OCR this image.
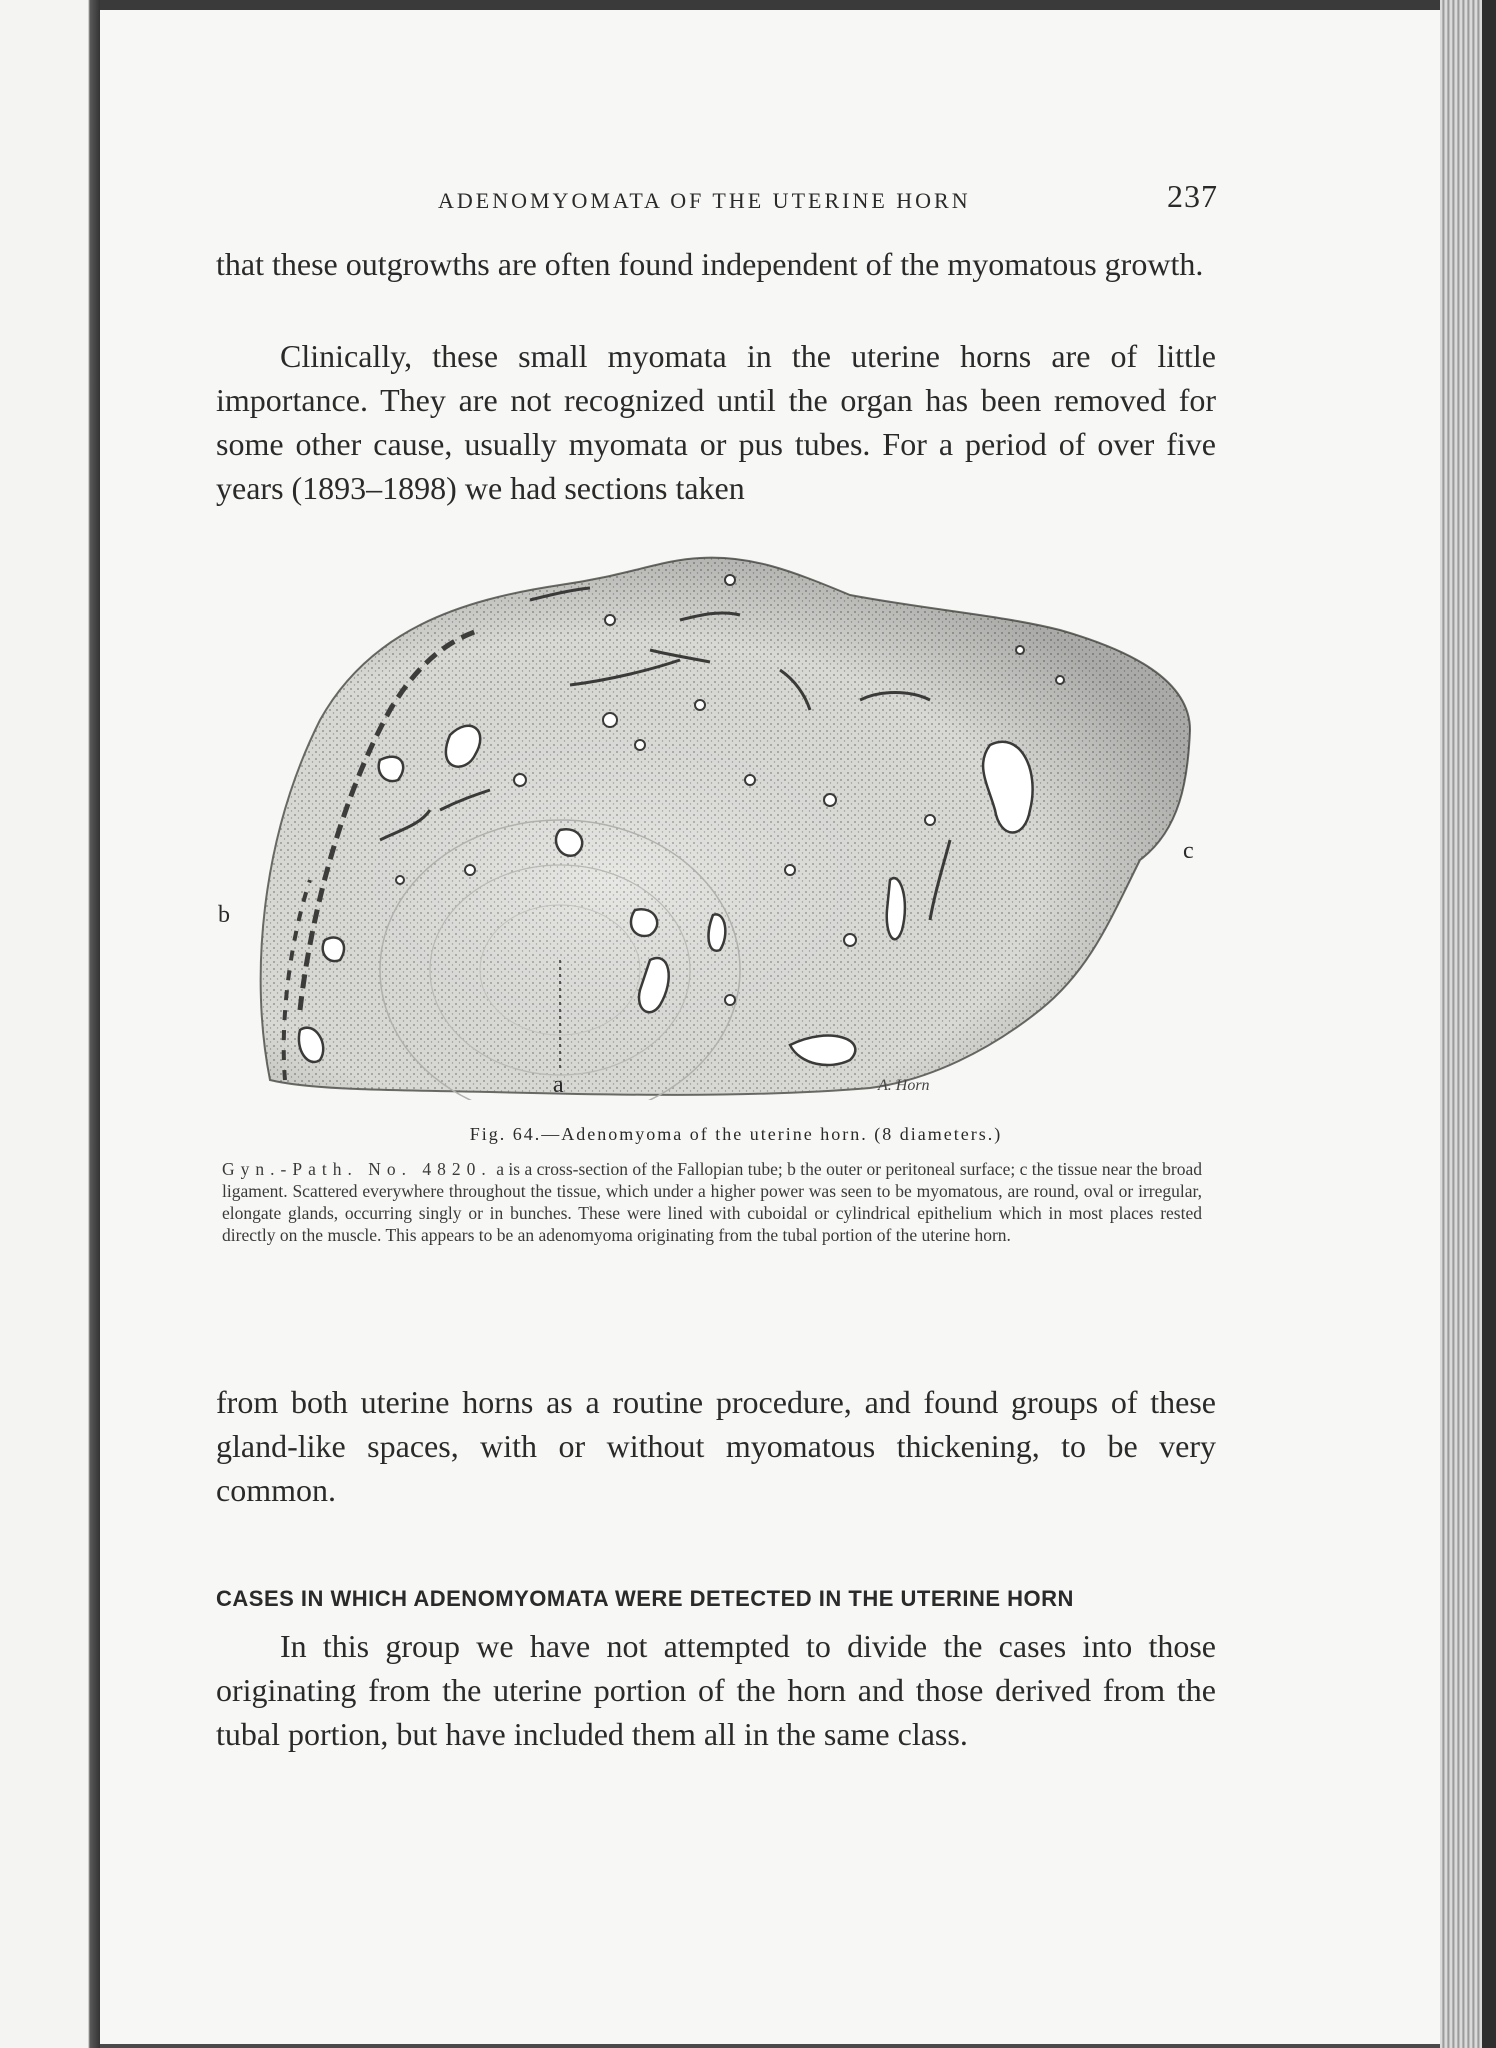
ADENOMYOMATA OF THE UTERINE HORN	237

that these outgrowths are often found independent of the myomatous growth.

Clinically, these small myomata in the uterine horns are of little importance. They are not recognized until the organ has been removed for some other cause, usually myomata or pus tubes. For a period of over five years (1893–1898) we had sections taken

A. Horn
b
c
a
Fig. 64.—Adenomyoma of the uterine horn. (8 diameters.)

Gyn.-Path. No. 4820. a is a cross-section of the Fallopian tube; b the outer or peritoneal surface; c the tissue near the broad ligament. Scattered everywhere throughout the tissue, which under a higher power was seen to be myomatous, are round, oval or irregular, elongate glands, occurring singly or in bunches. These were lined with cuboidal or cylindrical epithelium which in most places rested directly on the muscle. This appears to be an adenomyoma originating from the tubal portion of the uterine horn.

from both uterine horns as a routine procedure, and found groups of these gland-like spaces, with or without myomatous thickening, to be very common.

CASES IN WHICH ADENOMYOMATA WERE DETECTED IN THE UTERINE HORN

In this group we have not attempted to divide the cases into those originating from the uterine portion of the horn and those derived from the tubal portion, but have included them all in the same class.
